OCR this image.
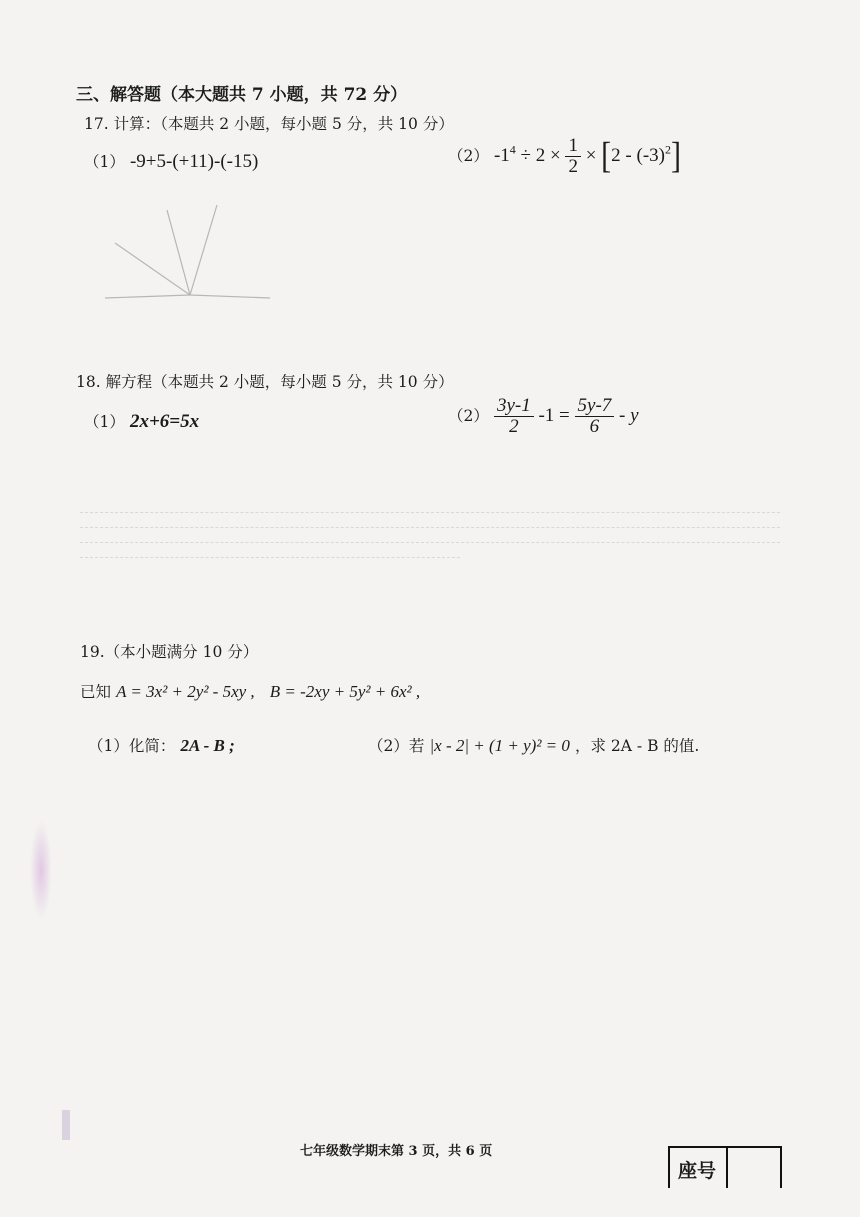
三、解答题（本大题共 7 小题，共 72 分）
17. 计算：（本题共 2 小题，每小题 5 分，共 10 分）
（1） -9+5-(+11)-(-15)	（2） $-1^4 \div 2 \times \frac{1}{2} \times [2 - (-3)^2]$
18. 解方程（本题共 2 小题，每小题 5 分，共 10 分）
（1） 2x+6=5x	$(2) \frac{3y-1}{2} -1 = \frac{5y-7}{6} - y$
19.（本小题满分 10 分）
已知 A = 3x² + 2y² - 5xy , B = -2xy + 5y² + 6x² ,
（1）化简： 2A - B ;	（2）若 |x - 2| + (1 + y)² = 0 ，求 2A - B 的值.
七年级数学期末第 3 页，共 6 页
座号
